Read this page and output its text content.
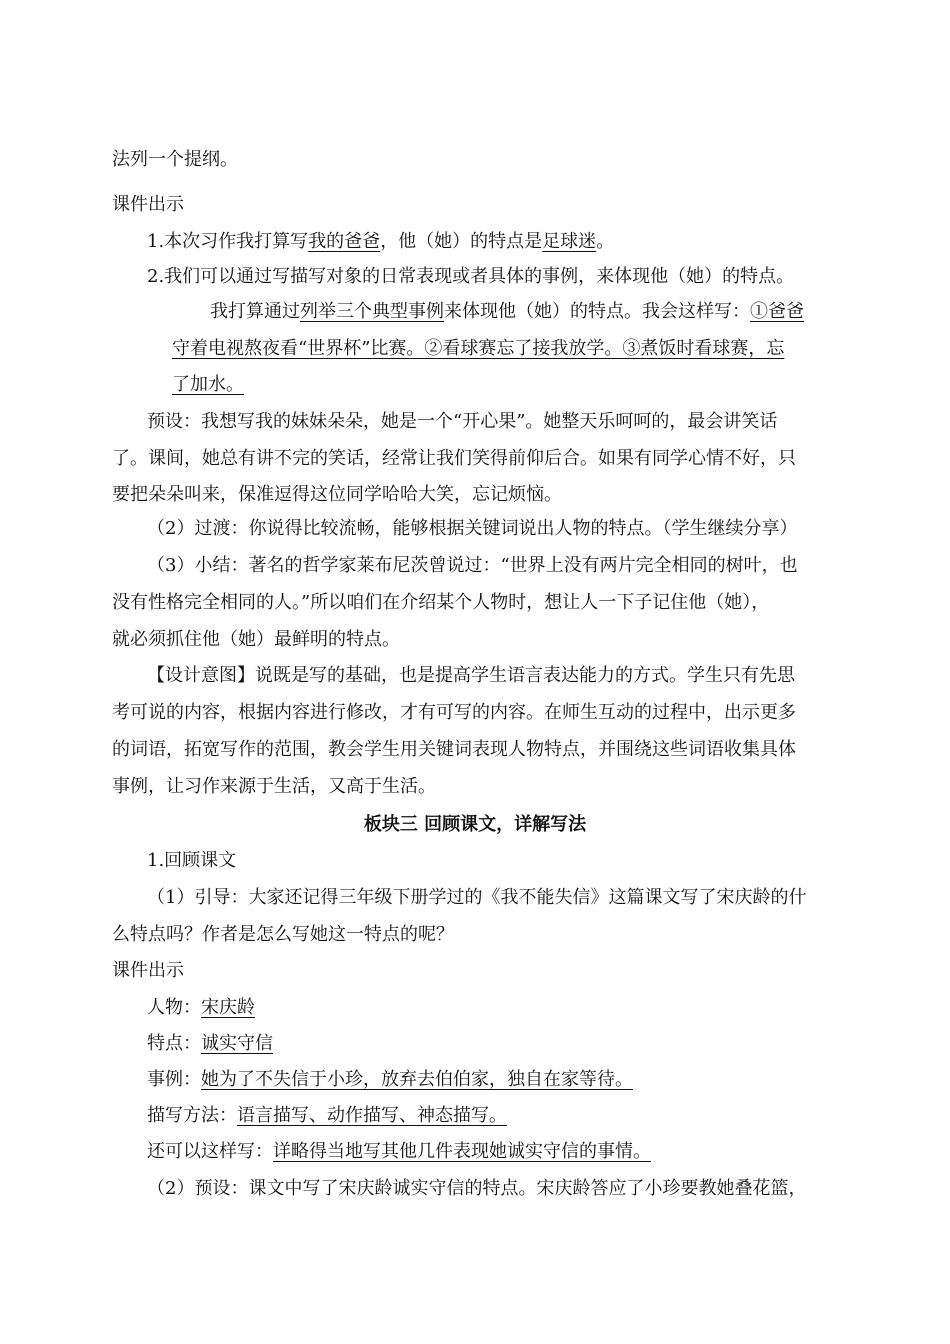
法列一个提纲。
课件出示
1.本次习作我打算写我的爸爸，他（她）的特点是足球迷。
2.我们可以通过写描写对象的日常表现或者具体的事例，来体现他（她）的特点。
我打算通过列举三个典型事例来体现他（她）的特点。我会这样写：①爸爸
守着电视熬夜看“世界杯”比赛。②看球赛忘了接我放学。③煮饭时看球赛，忘
了加水。
预设：我想写我的妹妹朵朵，她是一个“开心果”。她整天乐呵呵的，最会讲笑话
了。课间，她总有讲不完的笑话，经常让我们笑得前仰后合。如果有同学心情不好，只
要把朵朵叫来，保准逗得这位同学哈哈大笑，忘记烦恼。
（2）过渡：你说得比较流畅，能够根据关键词说出人物的特点。（学生继续分享）
（3）小结：著名的哲学家莱布尼茨曾说过：“世界上没有两片完全相同的树叶，也
没有性格完全相同的人。”所以咱们在介绍某个人物时，想让人一下子记住他（她），
就必须抓住他（她）最鲜明的特点。
【设计意图】说既是写的基础，也是提高学生语言表达能力的方式。学生只有先思
考可说的内容，根据内容进行修改，才有可写的内容。在师生互动的过程中，出示更多
的词语，拓宽写作的范围，教会学生用关键词表现人物特点，并围绕这些词语收集具体
事例，让习作来源于生活，又高于生活。
板块三 回顾课文，详解写法
1.回顾课文
（1）引导：大家还记得三年级下册学过的《我不能失信》这篇课文写了宋庆龄的什
么特点吗？作者是怎么写她这一特点的呢？
课件出示
人物：宋庆龄
特点：诚实守信
事例：她为了不失信于小珍，放弃去伯伯家，独自在家等待。
描写方法：语言描写、动作描写、神态描写。
还可以这样写：详略得当地写其他几件表现她诚实守信的事情。
（2）预设：课文中写了宋庆龄诚实守信的特点。宋庆龄答应了小珍要教她叠花篮，
